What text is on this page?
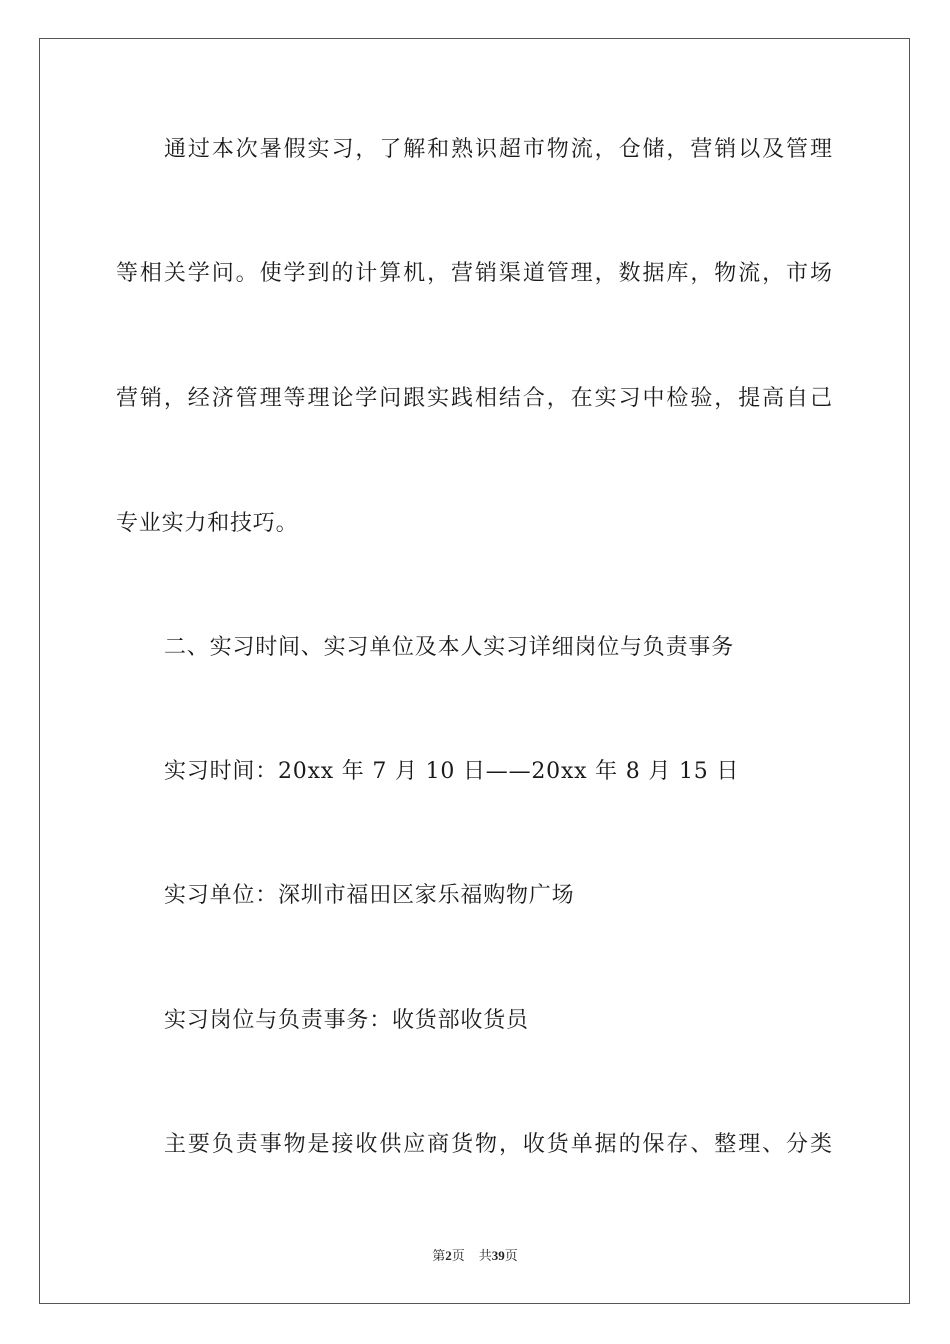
通过本次暑假实习，了解和熟识超市物流，仓储，营销以及管理
等相关学问。使学到的计算机，营销渠道管理，数据库，物流，市场
营销，经济管理等理论学问跟实践相结合，在实习中检验，提高自己
专业实力和技巧。
二、实习时间、实习单位及本人实习详细岗位与负责事务
实习时间：20xx 年 7 月 10 日——20xx 年 8 月 15 日
实习单位：深圳市福田区家乐福购物广场
实习岗位与负责事务：收货部收货员
主要负责事物是接收供应商货物，收货单据的保存、整理、分类
第2页 共39页
